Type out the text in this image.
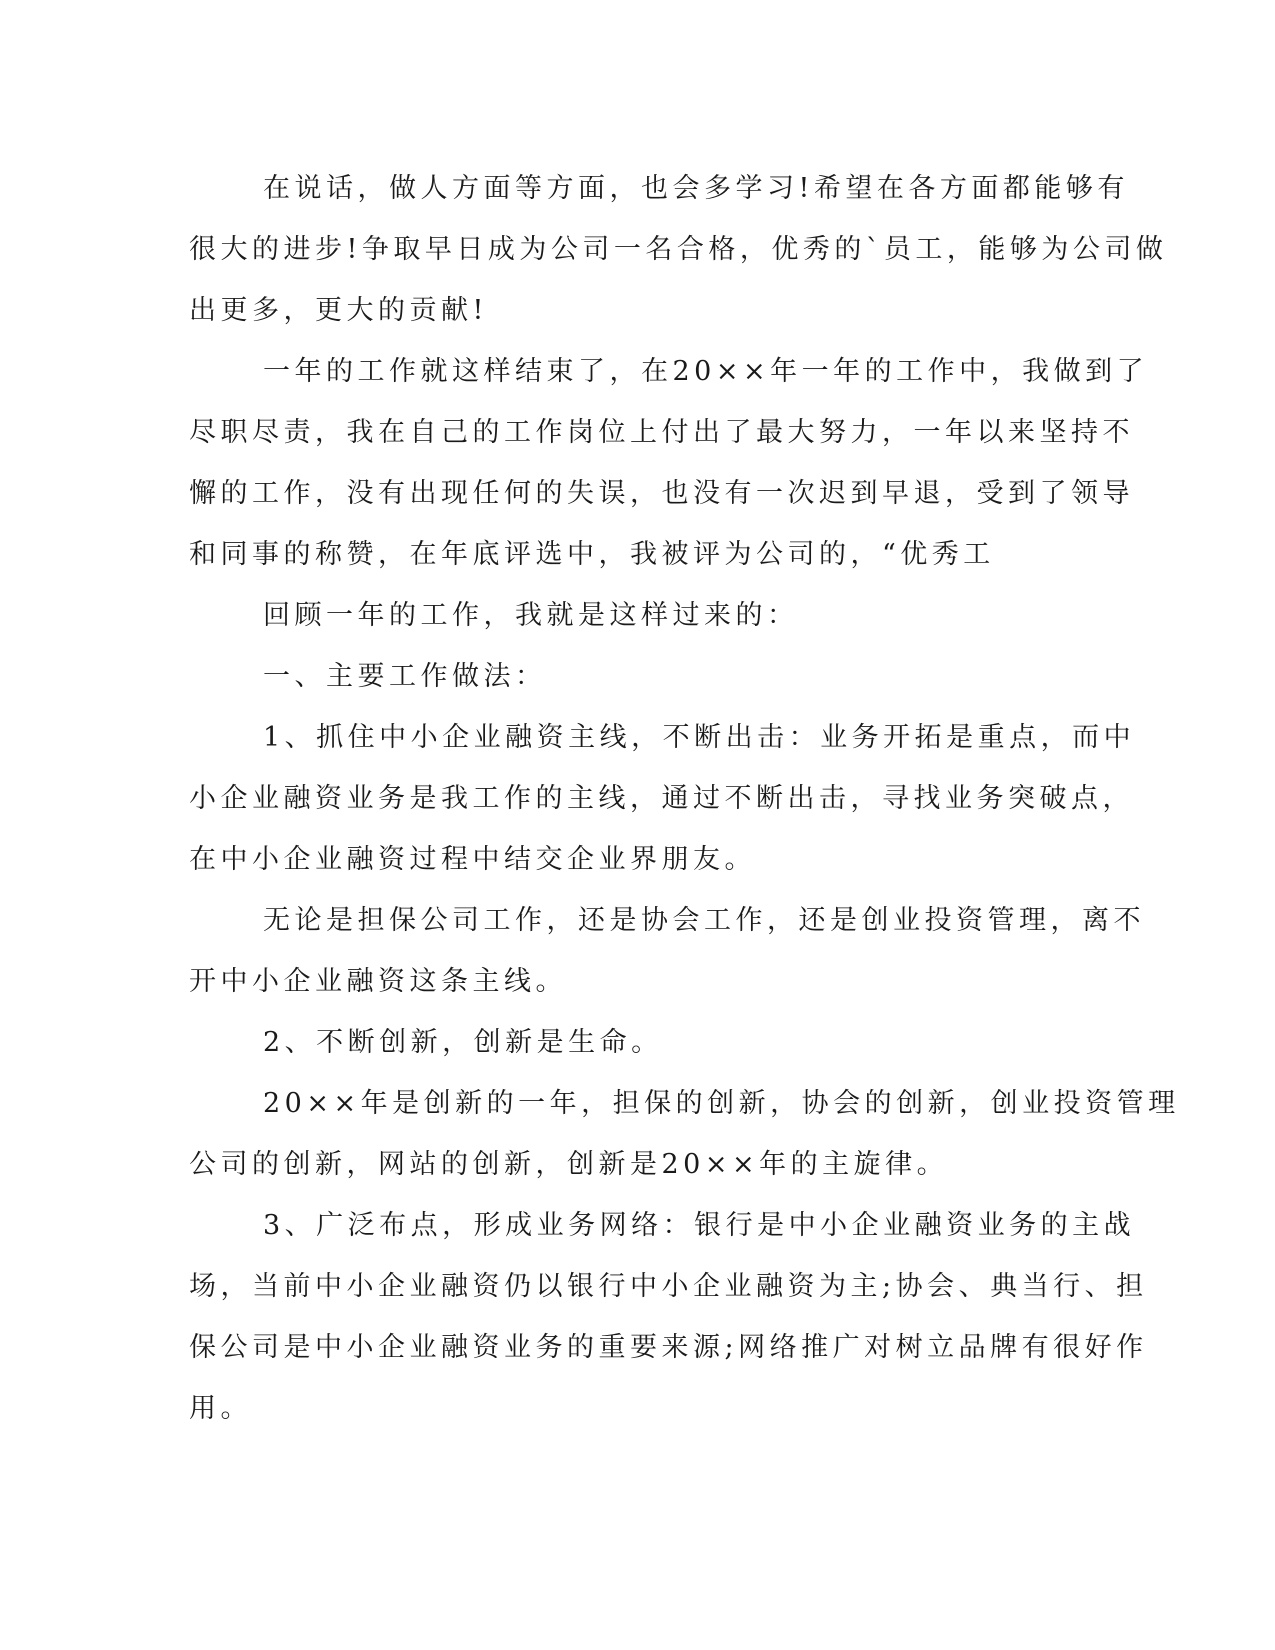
在说话，做人方面等方面，也会多学习!希望在各方面都能够有
很大的进步!争取早日成为公司一名合格，优秀的`员工，能够为公司做
出更多，更大的贡献!
一年的工作就这样结束了，在20××年一年的工作中，我做到了
尽职尽责，我在自己的工作岗位上付出了最大努力，一年以来坚持不
懈的工作，没有出现任何的失误，也没有一次迟到早退，受到了领导
和同事的称赞，在年底评选中，我被评为公司的，“优秀工
回顾一年的工作，我就是这样过来的：
一、主要工作做法：
1、抓住中小企业融资主线，不断出击：业务开拓是重点，而中
小企业融资业务是我工作的主线，通过不断出击，寻找业务突破点，
在中小企业融资过程中结交企业界朋友。
无论是担保公司工作，还是协会工作，还是创业投资管理，离不
开中小企业融资这条主线。
2、不断创新，创新是生命。
20××年是创新的一年，担保的创新，协会的创新，创业投资管理
公司的创新，网站的创新，创新是20××年的主旋律。
3、广泛布点，形成业务网络：银行是中小企业融资业务的主战
场，当前中小企业融资仍以银行中小企业融资为主;协会、典当行、担
保公司是中小企业融资业务的重要来源;网络推广对树立品牌有很好作
用。
